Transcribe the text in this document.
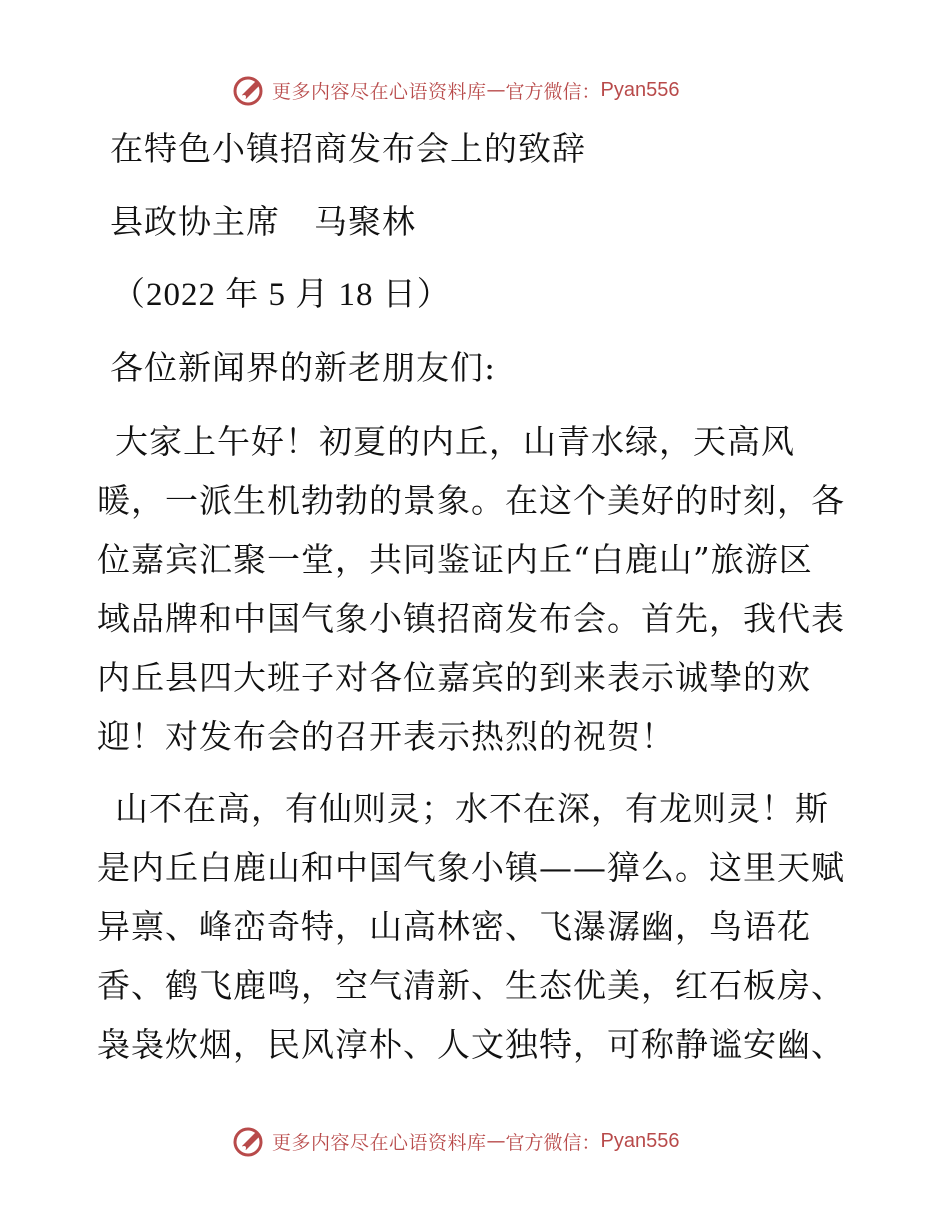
更多内容尽在心语资料库 — 官方微信： Pyan556
在特色小镇招商发布会上的致辞
县政协主席　马聚林
（2022 年 5 月 18 日）
各位新闻界的新老朋友们:
大家上午好！初夏的内丘，山青水绿，天高风
暖，一派生机勃勃的景象。在这个美好的时刻，各
位嘉宾汇聚一堂，共同鉴证内丘“白鹿山”旅游区
域品牌和中国气象小镇招商发布会。首先，我代表
内丘县四大班子对各位嘉宾的到来表示诚挚的欢
迎！对发布会的召开表示热烈的祝贺！
山不在高，有仙则灵；水不在深，有龙则灵！斯
是内丘白鹿山和中国气象小镇——獐么。这里天赋
异禀、峰峦奇特，山高林密、飞瀑潺幽，鸟语花
香、鹤飞鹿鸣，空气清新、生态优美，红石板房、
袅袅炊烟，民风淳朴、人文独特，可称静谧安幽、
更多内容尽在心语资料库 — 官方微信： Pyan556
